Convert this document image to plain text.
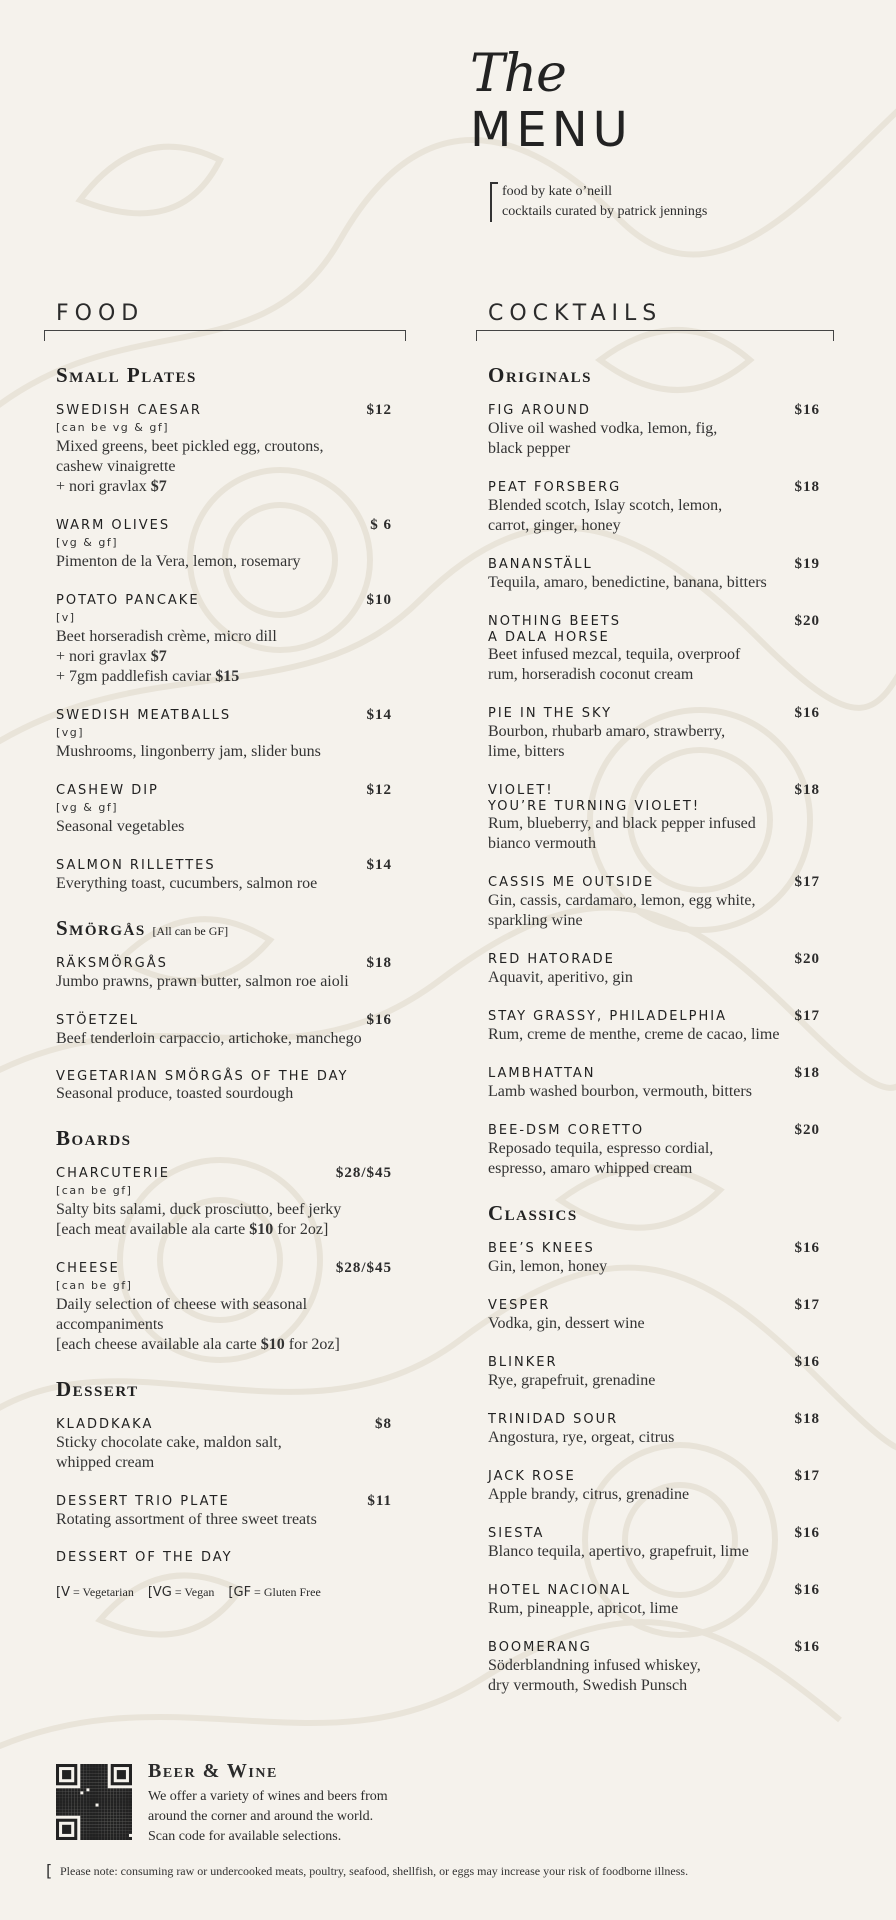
The
MENU
food by kate o’neill
cocktails curated by patrick jennings
FOOD
Small Plates
SWEDISH CAESAR	$12
[can be vg & gf]
Mixed greens, beet pickled egg, croutons,
cashew vinaigrette
+ nori gravlax $7
WARM OLIVES	$ 6
[vg & gf]
Pimenton de la Vera, lemon, rosemary
POTATO PANCAKE	$10
[v]
Beet horseradish crème, micro dill
+ nori gravlax $7
+ 7gm paddlefish caviar $15
SWEDISH MEATBALLS	$14
[vg]
Mushrooms, lingonberry jam, slider buns
CASHEW DIP	$12
[vg & gf]
Seasonal vegetables
SALMON RILLETTES	$14
Everything toast, cucumbers, salmon roe
Smörgås [All can be GF]
RÄKSMÖRGÅS	$18
Jumbo prawns, prawn butter, salmon roe aioli
STÖETZEL	$16
Beef tenderloin carpaccio, artichoke, manchego
VEGETARIAN SMÖRGÅS OF THE DAY
Seasonal produce, toasted sourdough
Boards
CHARCUTERIE	$28/$45
[can be gf]
Salty bits salami, duck prosciutto, beef jerky
[each meat available ala carte $10 for 2oz]
CHEESE	$28/$45
[can be gf]
Daily selection of cheese with seasonal
accompaniments
[each cheese available ala carte $10 for 2oz]
Dessert
KLADDKAKA	$8
Sticky chocolate cake, maldon salt,
whipped cream
DESSERT TRIO PLATE	$11
Rotating assortment of three sweet treats
DESSERT OF THE DAY
[V = Vegetarian [VG = Vegan [GF = Gluten Free
COCKTAILS
Originals
FIG AROUND	$16
Olive oil washed vodka, lemon, fig,
black pepper
PEAT FORSBERG	$18
Blended scotch, Islay scotch, lemon,
carrot, ginger, honey
BANANSTÄLL	$19
Tequila, amaro, benedictine, banana, bitters
NOTHING BEETS	$20
A DALA HORSE
Beet infused mezcal, tequila, overproof
rum, horseradish coconut cream
PIE IN THE SKY	$16
Bourbon, rhubarb amaro, strawberry,
lime, bitters
VIOLET!	$18
YOU’RE TURNING VIOLET!
Rum, blueberry, and black pepper infused
bianco vermouth
CASSIS ME OUTSIDE	$17
Gin, cassis, cardamaro, lemon, egg white,
sparkling wine
RED HATORADE	$20
Aquavit, aperitivo, gin
STAY GRASSY, PHILADELPHIA	$17
Rum, creme de menthe, creme de cacao, lime
LAMBHATTAN	$18
Lamb washed bourbon, vermouth, bitters
BEE-DSM CORETTO	$20
Reposado tequila, espresso cordial,
espresso, amaro whipped cream
Classics
BEE’S KNEES	$16
Gin, lemon, honey
VESPER	$17
Vodka, gin, dessert wine
BLINKER	$16
Rye, grapefruit, grenadine
TRINIDAD SOUR	$18
Angostura, rye, orgeat, citrus
JACK ROSE	$17
Apple brandy, citrus, grenadine
SIESTA	$16
Blanco tequila, apertivo, grapefruit, lime
HOTEL NACIONAL	$16
Rum, pineapple, apricot, lime
BOOMERANG	$16
Söderblandning infused whiskey,
dry vermouth, Swedish Punsch
Beer & Wine
We offer a variety of wines and beers from
around the corner and around the world.
Scan code for available selections.
[ Please note: consuming raw or undercooked meats, poultry, seafood, shellfish, or eggs may increase your risk of foodborne illness.
